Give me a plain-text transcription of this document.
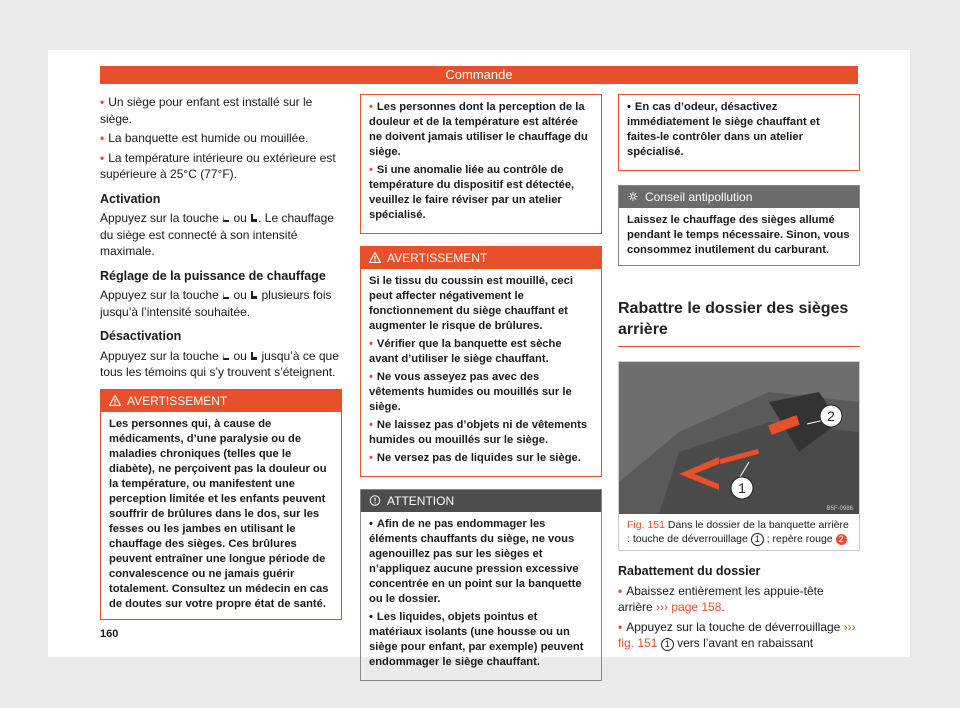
Commande

• Un siège pour enfant est installé sur le siège.

• La banquette est humide ou mouillée.

• La température intérieure ou extérieure est supérieure à 25°C (77°F).

Activation

Appuyez sur la touche ou . Le chauffage du siège est connecté à son intensité maximale.

Réglage de la puissance de chauffage

Appuyez sur la touche ou plusieurs fois jusqu’à l’intensité souhaitée.

Désactivation

Appuyez sur la touche ou jusqu’à ce que tous les témoins qui s’y trouvent s’éteignent.

AVERTISSEMENT
Les personnes qui, à cause de médicaments, d’une paralysie ou de maladies chroniques (telles que le diabète), ne perçoivent pas la douleur ou la température, ou manifestent une perception limitée et les enfants peuvent souffrir de brûlures dans le dos, sur les fesses ou les jambes en utilisant le chauffage des sièges. Ces brûlures peuvent entraîner une longue période de convalescence ou ne jamais guérir totalement. Consultez un médecin en cas de doutes sur votre propre état de santé.

• Les personnes dont la perception de la douleur et de la température est altérée ne doivent jamais utiliser le chauffage du siège.

• Si une anomalie liée au contrôle de température du dispositif est détectée, veuillez le faire réviser par un atelier spécialisé.

AVERTISSEMENT

Si le tissu du coussin est mouillé, ceci peut affecter négativement le fonctionnement du siège chauffant et augmenter le risque de brûlures.

• Vérifier que la banquette est sèche avant d’utiliser le siège chauffant.

• Ne vous asseyez pas avec des vêtements humides ou mouillés sur le siège.

• Ne laissez pas d’objets ni de vêtements humides ou mouillés sur le siège.

• Ne versez pas de liquides sur le siège.

ATTENTION

• Afin de ne pas endommager les éléments chauffants du siège, ne vous agenouillez pas sur les sièges et n’appliquez aucune pression excessive concentrée en un point sur la banquette ou le dossier.

• Les liquides, objets pointus et matériaux isolants (une housse ou un siège pour enfant, par exemple) peuvent endommager le siège chauffant.

• En cas d’odeur, désactivez immédiatement le siège chauffant et faites-le contrôler dans un atelier spécialisé.

Conseil antipollution
Laissez le chauffage des sièges allumé pendant le temps nécessaire. Sinon, vous consommez inutilement du carburant.
Rabattre le dossier des sièges arrière
2
1
B5F-0986
Fig. 151 Dans le dossier de la banquette arrière : touche de déverrouillage 1 ; repère rouge 2
Rabattement du dossier

• Abaissez entièrement les appuie-tête arrière ››› page 158.

• Appuyez sur la touche de déverrouillage ››› fig. 151 1 vers l’avant en rabaissant

160
